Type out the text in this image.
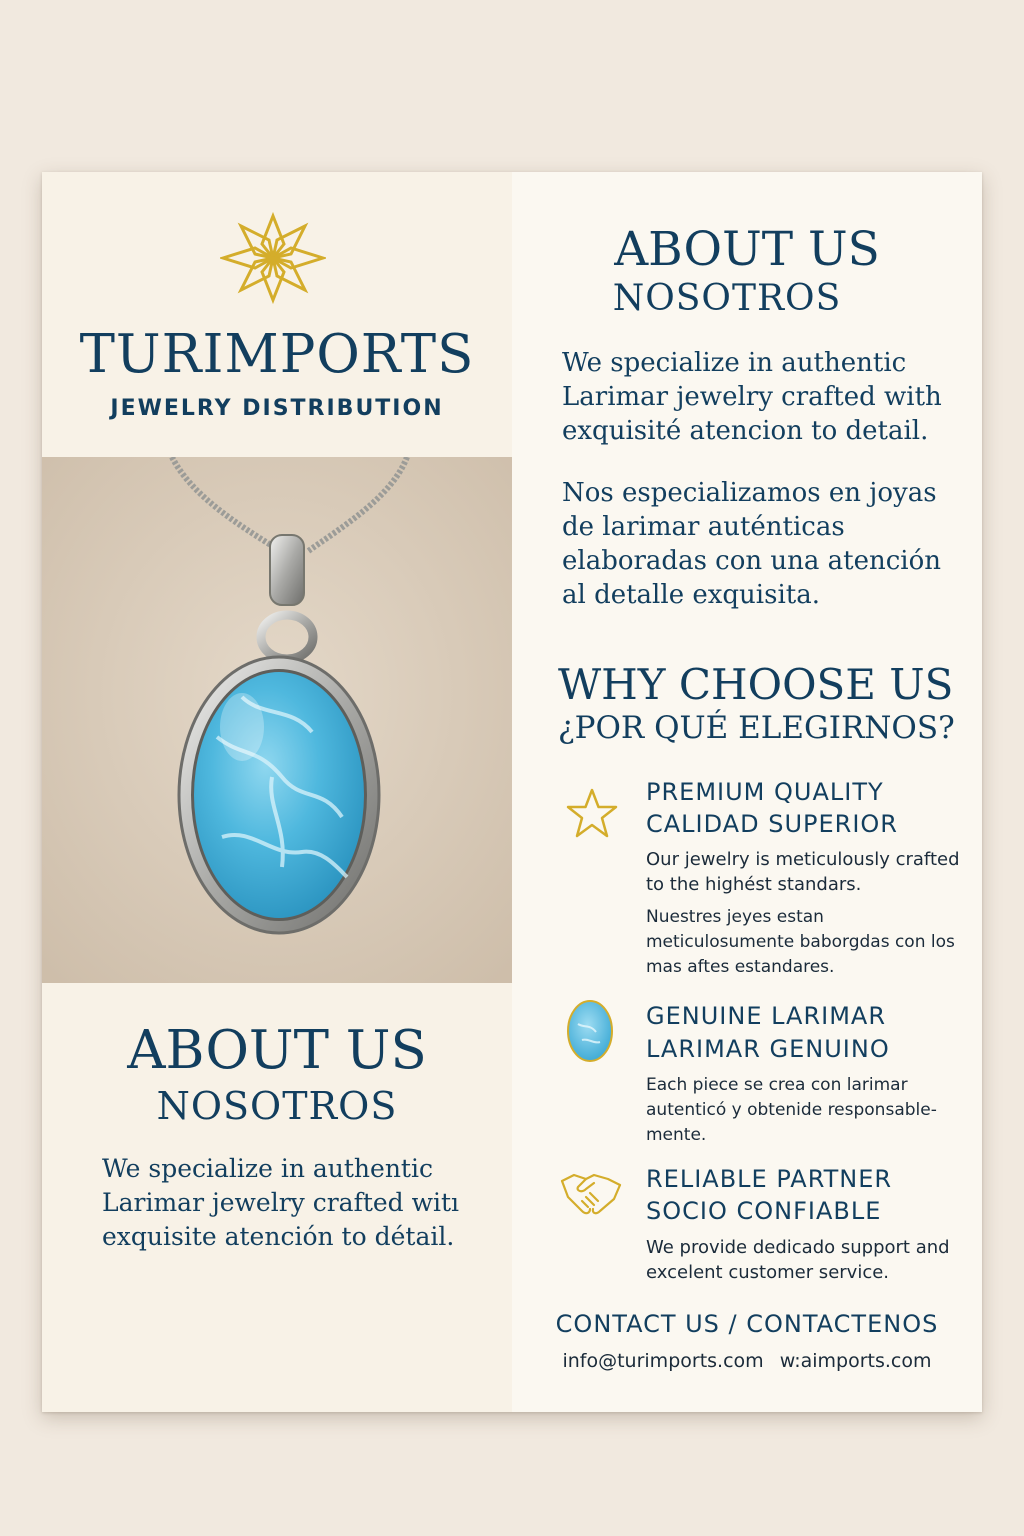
TURIMPORTS
JEWELRY DISTRIBUTION
ABOUT US
NOSOTROS
We specialize in authentic Larimar jewelry crafted witı exquisite atención to détail.
ABOUT US
NOSOTROS
We specialize in authentic Larimar jewelry crafted with exquisité atencion to detail.
Nos especializamos en joyas de larimar auténticas elaboradas con una atención al detalle exquisita.
WHY CHOOSE US
¿POR QUÉ ELEGIRNOS?
PREMIUM QUALITY
CALIDAD SUPERIOR
Our jewelry is meticulously crafted to the highést standars.
Nuestres jeyes estan meticulosumente baborgdas con los mas aftes estandares.
GENUINE LARIMAR
LARIMAR GENUINO
Each piece se crea con larimar autenticó y obtenide responsable-mente.
RELIABLE PARTNER
SOCIO CONFIABLE
We provide dedicado support and excelent customer service.
CONTACT US / CONTACTENOS
info@turimports.com w:aimports.com
